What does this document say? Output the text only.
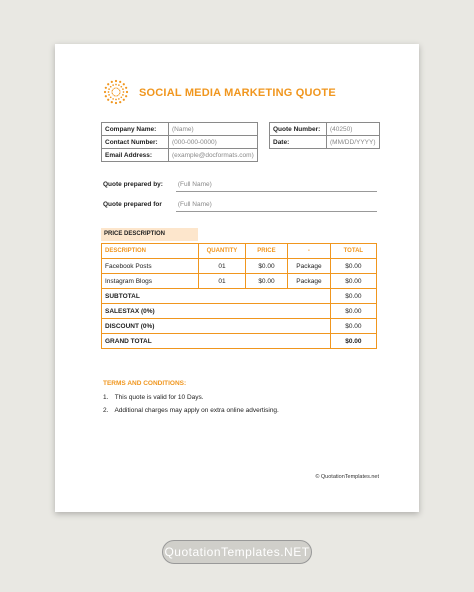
SOCIAL MEDIA MARKETING QUOTE
Company Name:	(Name)
Contact Number:	(000-000-0000)
Email Address:	(example@docformats.com)
Quote Number:	(40250)
Date:	(MM/DD/YYYY)
Quote prepared by: (Full Name)
Quote prepared for (Full Name)
PRICE DESCRIPTION
DESCRIPTION	QUANTITY	PRICE	-	TOTAL
Facebook Posts	01	$0.00	Package	$0.00
Instagram Blogs	01	$0.00	Package	$0.00
SUBTOTAL				$0.00
SALESTAX (0%)				$0.00
DISCOUNT (0%)				$0.00
GRAND TOTAL				$0.00
TERMS AND CONDITIONS:
1. This quote is valid for 10 Days.
2. Additional charges may apply on extra online advertising.
© QuotationTemplates.net
QuotationTemplates.NET
